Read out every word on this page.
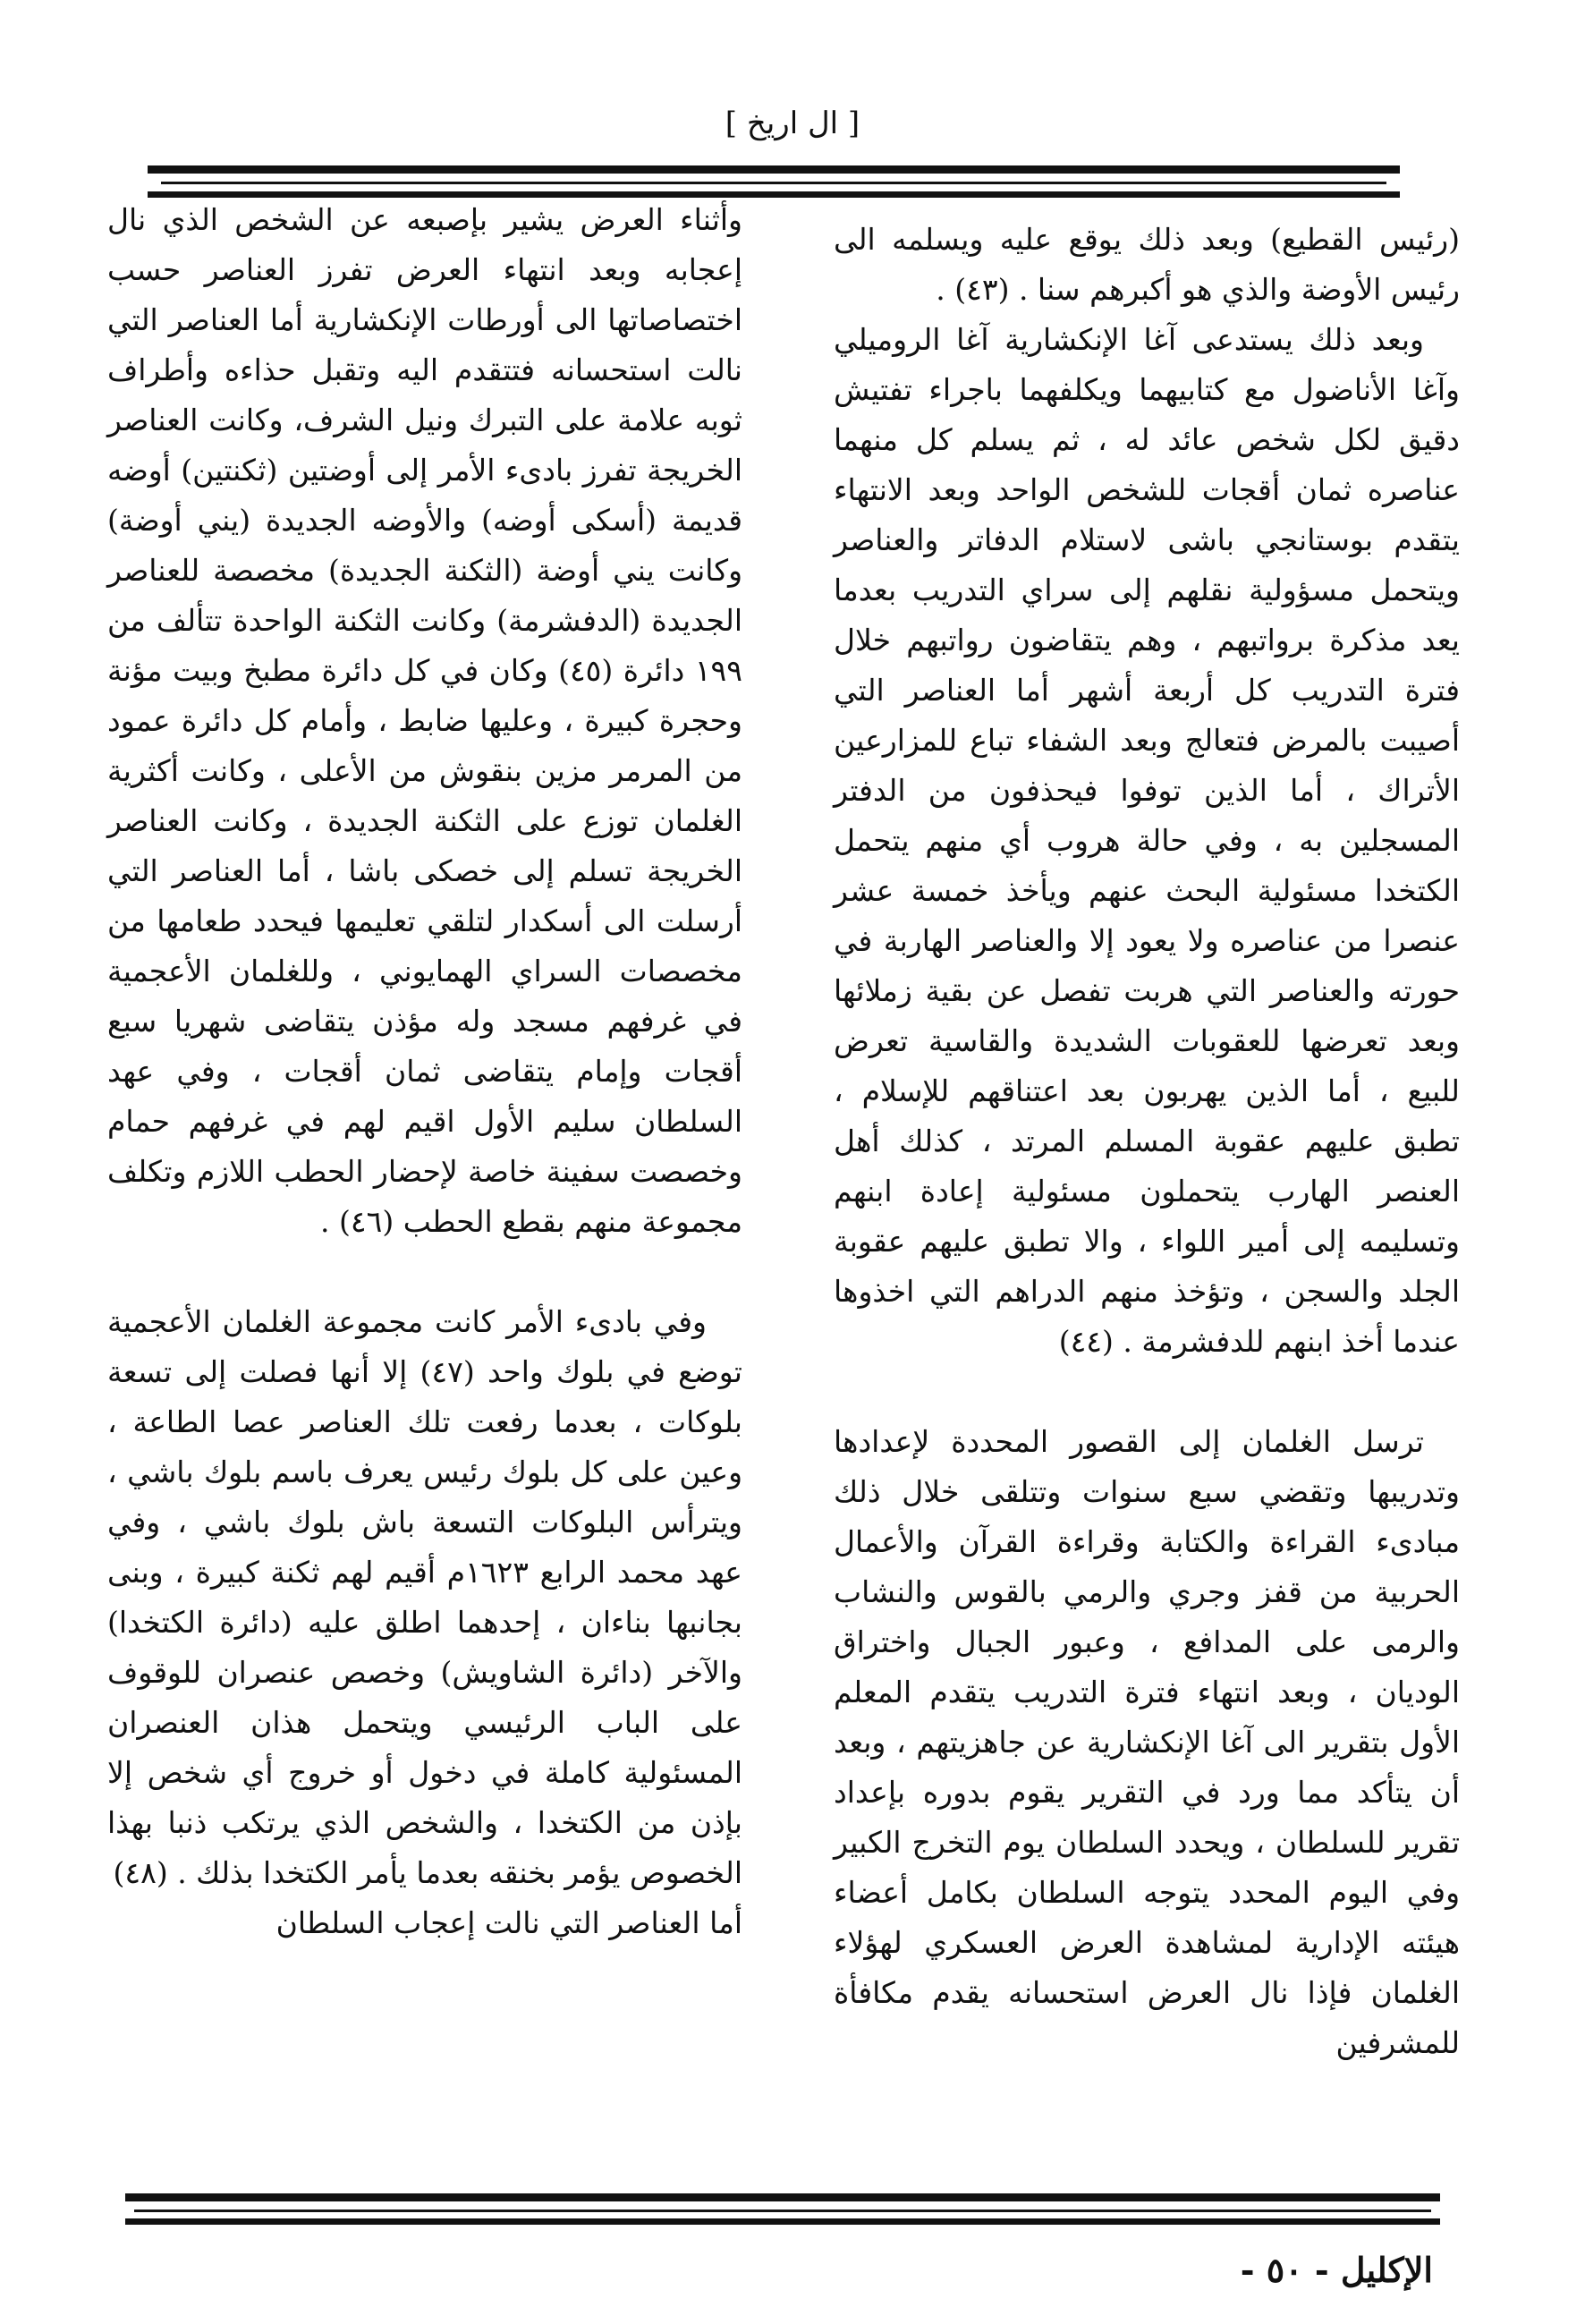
[ ال اريخ ]

(رئيس القطيع) وبعد ذلك يوقع عليه ويسلمه الى رئيس الأوضة والذي هو أكبرهم سنا . (٤٣) .

وبعد ذلك يستدعى آغا الإنكشارية آغا الروميلي وآغا الأناضول مع كتابيهما ويكلفهما باجراء تفتيش دقيق لكل شخص عائد له ، ثم يسلم كل منهما عناصره ثمان أقجات للشخص الواحد وبعد الانتهاء يتقدم بوستانجي باشى لاستلام الدفاتر والعناصر ويتحمل مسؤولية نقلهم إلى سراي التدريب بعدما يعد مذكرة برواتبهم ، وهم يتقاضون رواتبهم خلال فترة التدريب كل أربعة أشهر أما العناصر التي أصيبت بالمرض فتعالج وبعد الشفاء تباع للمزارعين الأتراك ، أما الذين توفوا فيحذفون من الدفتر المسجلين به ، وفي حالة هروب أي منهم يتحمل الكتخدا مسئولية البحث عنهم ويأخذ خمسة عشر عنصرا من عناصره ولا يعود إلا والعناصر الهاربة في حورته والعناصر التي هربت تفصل عن بقية زملائها وبعد تعرضها للعقوبات الشديدة والقاسية تعرض للبيع ، أما الذين يهربون بعد اعتناقهم للإسلام ، تطبق عليهم عقوبة المسلم المرتد ، كذلك أهل العنصر الهارب يتحملون مسئولية إعادة ابنهم وتسليمه إلى أمير اللواء ، والا تطبق عليهم عقوبة الجلد والسجن ، وتؤخذ منهم الدراهم التي اخذوها عندما أخذ ابنهم للدفشرمة . (٤٤)

ترسل الغلمان إلى القصور المحددة لإعدادها وتدريبها وتقضي سبع سنوات وتتلقى خلال ذلك مبادىء القراءة والكتابة وقراءة القرآن والأعمال الحربية من قفز وجري والرمي بالقوس والنشاب والرمى على المدافع ، وعبور الجبال واختراق الوديان ، وبعد انتهاء فترة التدريب يتقدم المعلم الأول بتقرير الى آغا الإنكشارية عن جاهزيتهم ، وبعد أن يتأكد مما ورد في التقرير يقوم بدوره بإعداد تقرير للسلطان ، ويحدد السلطان يوم التخرج الكبير وفي اليوم المحدد يتوجه السلطان بكامل أعضاء هيئته الإدارية لمشاهدة العرض العسكري لهؤلاء الغلمان فإذا نال العرض استحسانه يقدم مكافأة للمشرفين

وأثناء العرض يشير بإصبعه عن الشخص الذي نال إعجابه وبعد انتهاء العرض تفرز العناصر حسب اختصاصاتها الى أورطات الإنكشارية أما العناصر التي نالت استحسانه فتتقدم اليه وتقبل حذاءه وأطراف ثوبه علامة على التبرك ونيل الشرف، وكانت العناصر الخريجة تفرز بادىء الأمر إلى أوضتين (ثكنتين) أوضه قديمة (أسكى أوضه) والأوضه الجديدة (يني أوضة) وكانت يني أوضة (الثكنة الجديدة) مخصصة للعناصر الجديدة (الدفشرمة) وكانت الثكنة الواحدة تتألف من ١٩٩ دائرة (٤٥) وكان في كل دائرة مطبخ وبيت مؤنة وحجرة كبيرة ، وعليها ضابط ، وأمام كل دائرة عمود من المرمر مزين بنقوش من الأعلى ، وكانت أكثرية الغلمان توزع على الثكنة الجديدة ، وكانت العناصر الخريجة تسلم إلى خصكى باشا ، أما العناصر التي أرسلت الى أسكدار لتلقي تعليمها فيحدد طعامها من مخصصات السراي الهمايوني ، وللغلمان الأعجمية في غرفهم مسجد وله مؤذن يتقاضى شهريا سبع أقجات وإمام يتقاضى ثمان أقجات ، وفي عهد السلطان سليم الأول اقيم لهم في غرفهم حمام وخصصت سفينة خاصة لإحضار الحطب اللازم وتكلف مجموعة منهم بقطع الحطب (٤٦) .

وفي بادىء الأمر كانت مجموعة الغلمان الأعجمية توضع في بلوك واحد (٤٧) إلا أنها فصلت إلى تسعة بلوكات ، بعدما رفعت تلك العناصر عصا الطاعة ، وعين على كل بلوك رئيس يعرف باسم بلوك باشي ، ويترأس البلوكات التسعة باش بلوك باشي ، وفي عهد محمد الرابع ١٦٢٣م أقيم لهم ثكنة كبيرة ، وبنى بجانبها بناءان ، إحدهما اطلق عليه (دائرة الكتخدا) والآخر (دائرة الشاويش) وخصص عنصران للوقوف على الباب الرئيسي ويتحمل هذان العنصران المسئولية كاملة في دخول أو خروج أي شخص إلا بإذن من الكتخدا ، والشخص الذي يرتكب ذنبا بهذا الخصوص يؤمر بخنقه بعدما يأمر الكتخدا بذلك . (٤٨)

أما العناصر التي نالت إعجاب السلطان

الإكليل - ٥٠ -
